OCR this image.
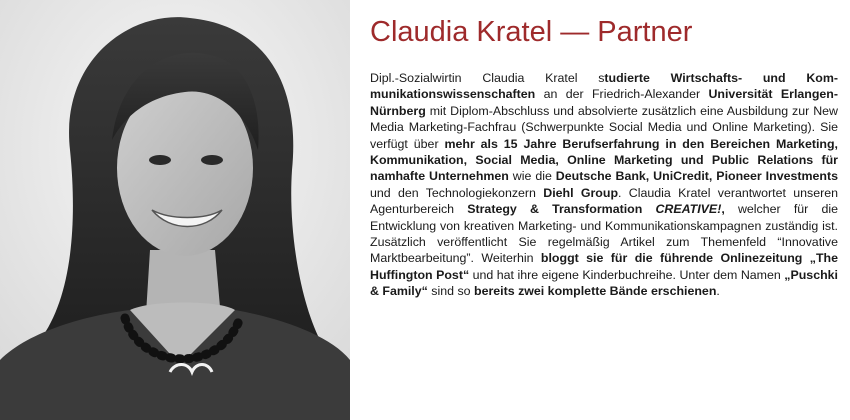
Claudia Kratel — Partner

Dipl.-Sozialwirtin Claudia Kratel studierte Wirtschafts- und Kommunikationswissenschaften an der Friedrich-Alexander Universität Erlangen-Nürnberg mit Diplom-Abschluss und absolvierte zusätzlich eine Ausbildung zur New Media Marketing-Fachfrau (Schwerpunkte Social Media und Online Marketing). Sie verfügt über mehr als 15 Jahre Berufserfahrung in den Bereichen Marketing, Kommunikation, Social Media, Online Marketing und Public Relations für namhafte Unternehmen wie die Deutsche Bank, UniCredit, Pioneer Investments und den Technologiekonzern Diehl Group. Claudia Kratel verantwortet unseren Agenturbereich Strategy & Transformation CREATIVE!, welcher für die Entwicklung von kreativen Marketing- und Kommunikationskampagnen zuständig ist. Zusätzlich veröffentlicht Sie regelmäßig Artikel zum Themenfeld “Innovative Marktbearbeitung”. Weiterhin bloggt sie für die führende Onlinezeitung „The Huffington Post“ und hat ihre eigene Kinderbuchreihe. Unter dem Namen „Puschki & Family“ sind so bereits zwei komplette Bände erschienen.
